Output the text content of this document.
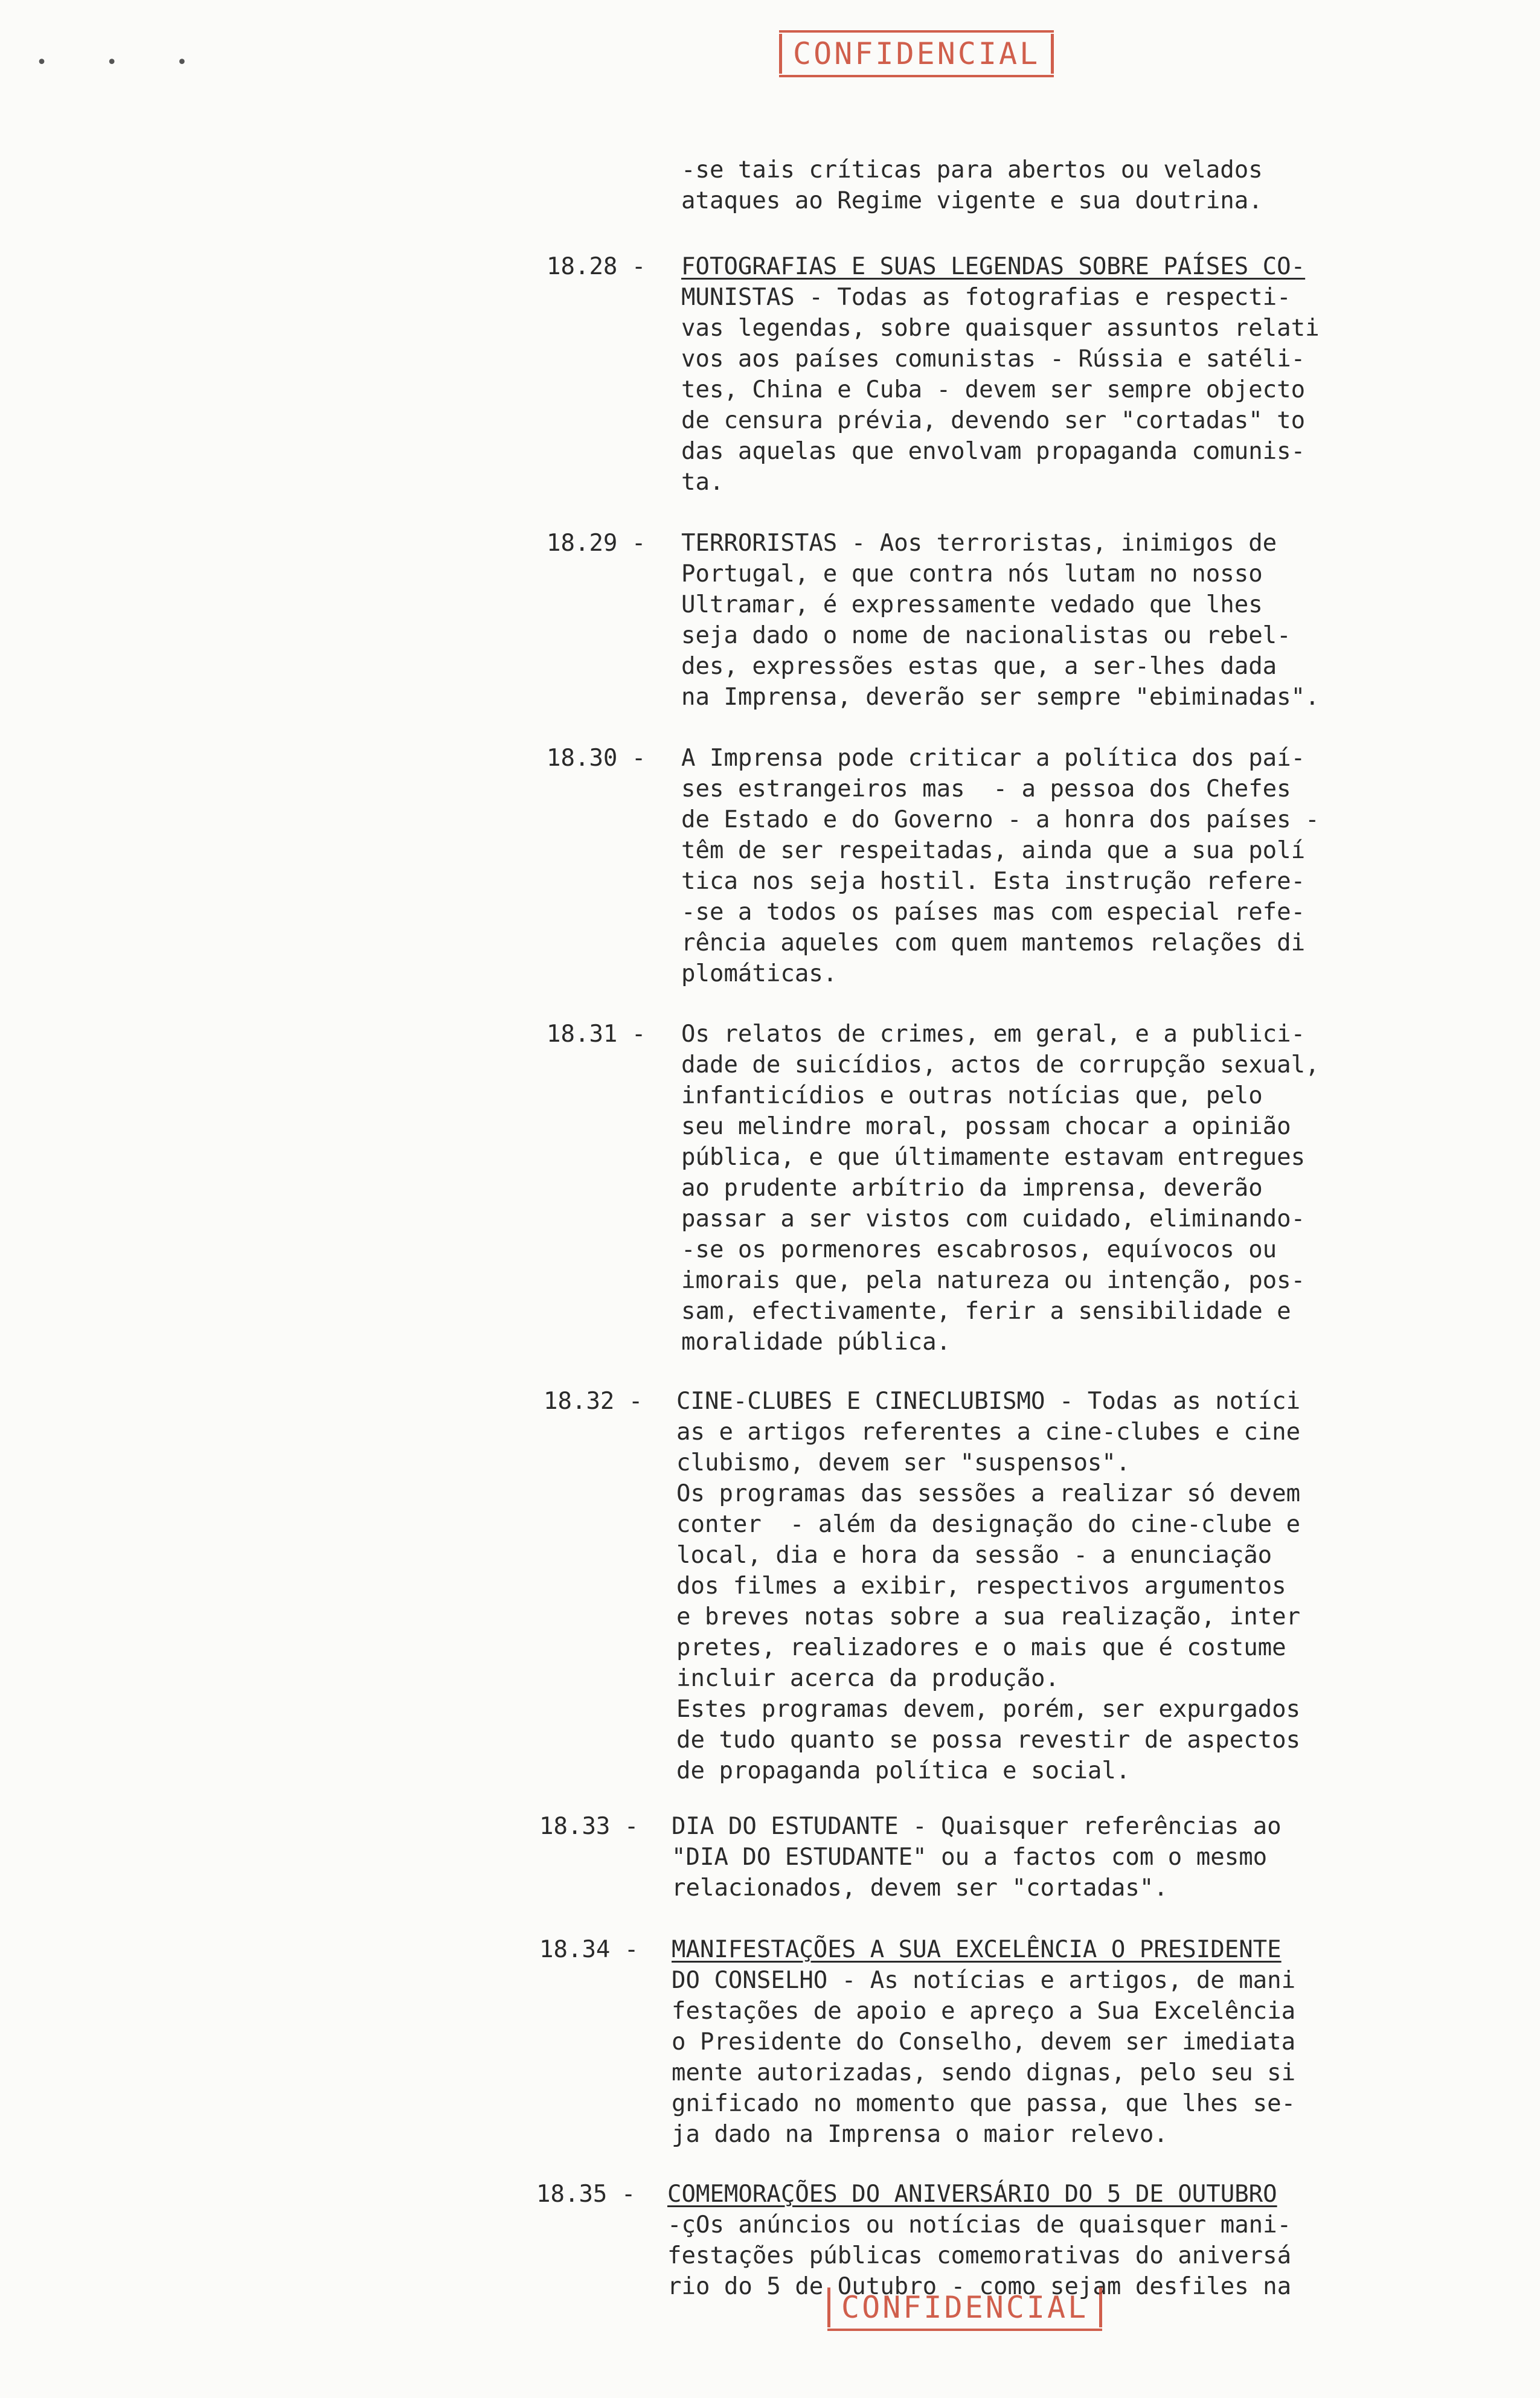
• • •	CONFIDENCIAL
-se tais críticas para abertos ou velados
ataques ao Regime vigente e sua doutrina.
18.28 - FOTOGRAFIAS E SUAS LEGENDAS SOBRE PAÍSES CO-
MUNISTAS - Todas as fotografias e respecti-
vas legendas, sobre quaisquer assuntos relati
vos aos países comunistas - Rússia e satéli-
tes, China e Cuba - devem ser sempre objecto
de censura prévia, devendo ser "cortadas" to
das aquelas que envolvam propaganda comunis-
ta.
18.29 - TERRORISTAS - Aos terroristas, inimigos de
Portugal, e que contra nós lutam no nosso
Ultramar, é expressamente vedado que lhes
seja dado o nome de nacionalistas ou rebel-
des, expressões estas que, a ser-lhes dada
na Imprensa, deverão ser sempre "ebiminadas".
18.30 - A Imprensa pode criticar a política dos paí-
ses estrangeiros mas  - a pessoa dos Chefes
de Estado e do Governo - a honra dos países -
têm de ser respeitadas, ainda que a sua polí
tica nos seja hostil. Esta instrução refere-
-se a todos os países mas com especial refe-
rência aqueles com quem mantemos relações di
plomáticas.
18.31 - Os relatos de crimes, em geral, e a publici-
dade de suicídios, actos de corrupção sexual,
infanticídios e outras notícias que, pelo
seu melindre moral, possam chocar a opinião
pública, e que últimamente estavam entregues
ao prudente arbítrio da imprensa, deverão
passar a ser vistos com cuidado, eliminando-
-se os pormenores escabrosos, equívocos ou
imorais que, pela natureza ou intenção, pos-
sam, efectivamente, ferir a sensibilidade e
moralidade pública.
18.32 - CINE-CLUBES E CINECLUBISMO - Todas as notíci
as e artigos referentes a cine-clubes e cine
clubismo, devem ser "suspensos".
Os programas das sessões a realizar só devem
conter  - além da designação do cine-clube e
local, dia e hora da sessão - a enunciação
dos filmes a exibir, respectivos argumentos
e breves notas sobre a sua realização, inter
pretes, realizadores e o mais que é costume
incluir acerca da produção.
Estes programas devem, porém, ser expurgados
de tudo quanto se possa revestir de aspectos
de propaganda política e social.
18.33 - DIA DO ESTUDANTE - Quaisquer referências ao
"DIA DO ESTUDANTE" ou a factos com o mesmo
relacionados, devem ser "cortadas".
18.34 - MANIFESTAÇÕES A SUA EXCELÊNCIA O PRESIDENTE
DO CONSELHO - As notícias e artigos, de mani
festações de apoio e apreço a Sua Excelência
o Presidente do Conselho, devem ser imediata
mente autorizadas, sendo dignas, pelo seu si
gnificado no momento que passa, que lhes se-
ja dado na Imprensa o maior relevo.
18.35 - COMEMORAÇÕES DO ANIVERSÁRIO DO 5 DE OUTUBRO
-çOs anúncios ou notícias de quaisquer mani-
festações públicas comemorativas do aniversá
rio do 5 de Outubro - como sejam desfiles na
CONFIDENCIAL
